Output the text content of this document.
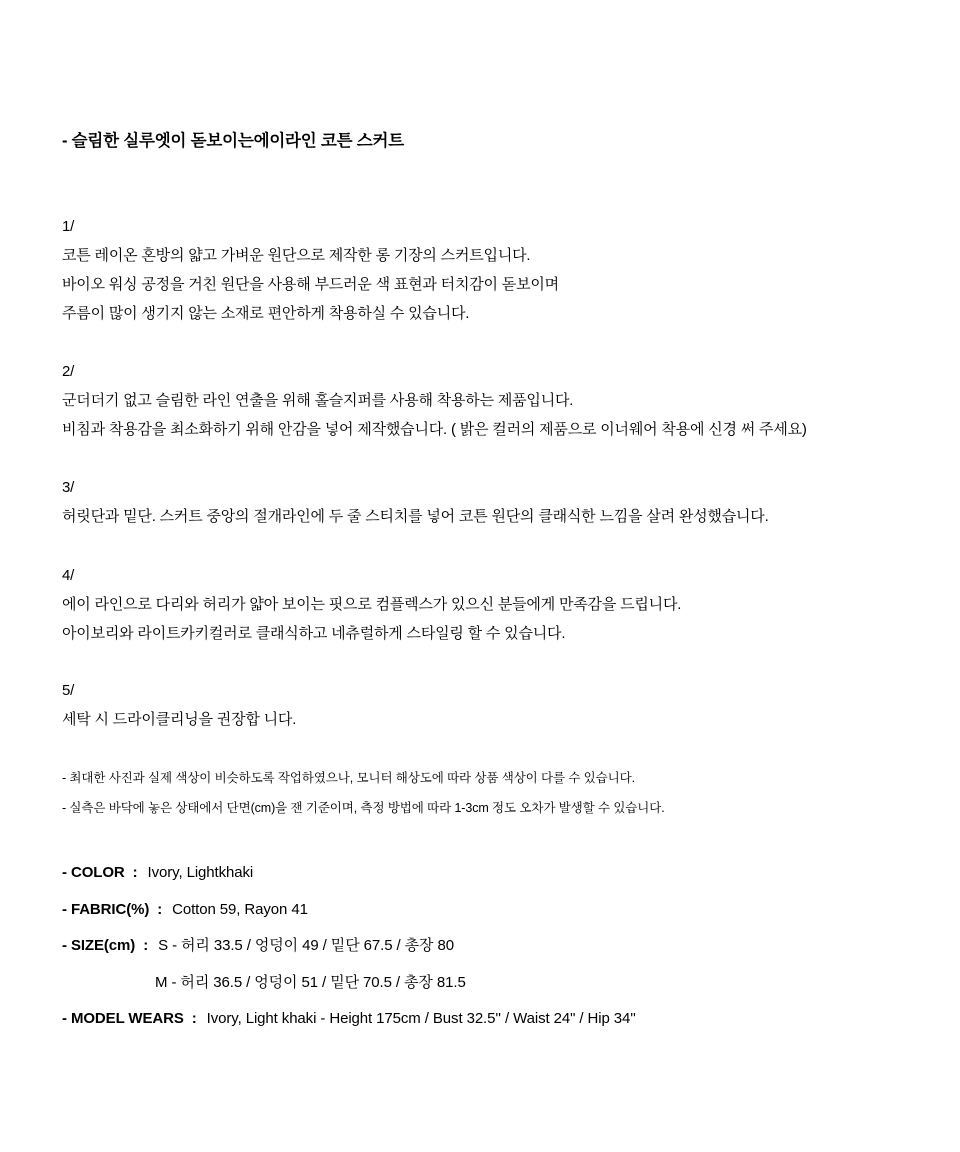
- 슬림한 실루엣이 돋보이는에이라인 코튼 스커트
1/
코튼 레이온 혼방의 얇고 가벼운 원단으로 제작한 롱 기장의 스커트입니다.
바이오 워싱 공정을 거친 원단을 사용해 부드러운 색 표현과 터치감이 돋보이며
주름이 많이 생기지 않는 소재로 편안하게 착용하실 수 있습니다.
2/
군더더기 없고 슬림한 라인 연출을 위해 홀슬지퍼를 사용해 착용하는 제품입니다.
비침과 착용감을 최소화하기 위해 안감을 넣어 제작했습니다. ( 밝은 컬러의 제품으로 이너웨어 착용에 신경 써 주세요)
3/
허릿단과 밑단. 스커트 중앙의 절개라인에 두 줄 스티치를 넣어 코튼 원단의 클래식한 느낌을 살려 완성했습니다.
4/
에이 라인으로 다리와 허리가 얇아 보이는 핏으로 컴플렉스가 있으신 분들에게 만족감을 드립니다.
아이보리와 라이트카키컬러로 클래식하고 네츄럴하게 스타일링 할 수 있습니다.
5/
세탁 시 드라이클리닝을 권장합 니다.
- 최대한 사진과 실제 색상이 비슷하도록 작업하였으나, 모니터 해상도에 따라 상품 색상이 다를 수 있습니다.
- 실측은 바닥에 놓은 상태에서 단면(cm)을 잰 기준이며, 측정 방법에 따라 1-3cm 정도 오차가 발생할 수 있습니다.
- COLOR : Ivory, Lightkhaki
- FABRIC(%) : Cotton 59, Rayon 41
- SIZE(cm) : S - 허리 33.5 / 엉덩이 49 / 밑단 67.5 / 총장 80
M - 허리 36.5 / 엉덩이 51 / 밑단 70.5 / 총장 81.5
- MODEL WEARS : Ivory, Light khaki - Height 175cm / Bust 32.5'' / Waist 24" / Hip 34''
